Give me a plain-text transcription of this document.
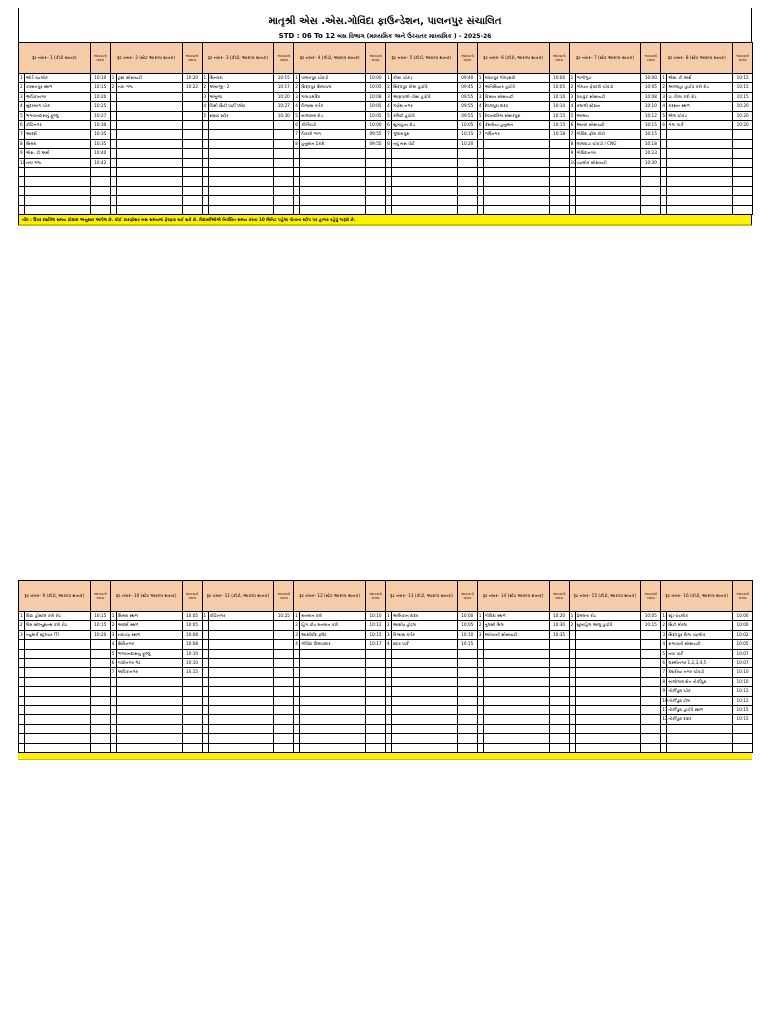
માતૃશ્રી એસ .એસ.ગોવિંદા ફાઉન્ડેશન, પાલનપુર સંચાલિત
STD : 06 To 12 બસ વિભાગ (માધ્યમિક અને ઉચ્ચતર માધ્યમિક ) – 2025-26
રૂટ નંબર– 1 (કીડી થાનક)		આવવાનો સમય	રૂટ નંબર– 2 (સ્ટેટ આરાધ્ધ થાનક)		આવવાનો સમય	રૂટ નંબર– 3 (કીડી, આરાધ્ધ થાનક)		આવવાનો સમય	રૂટ નંબર– 4 (કીડી, આરાધ્ધ થાનક)		આવવાનો સમય	રૂટ નંબર– 5 (કીડી, આરાધ્ધ થાનક)		આવવાનો સમય	રૂટ નંબર– 6 (કીડી, આરાધ્ધ થાનક)		આવવાનો સમય	રૂટ નંબર– 7 (સ્ટેટ આરાધ્ધ થાનક)		આવવાનો સમય	રૂટ નંબર– 8 (સ્ટેટ આરાધ્ધ થાનક)		આવવાનો સમય
1	ઓર્ડ ચંદ્રલોક	10:10	1	ટ્રસ્ટ સોસાયટી	10:20	1	સિનધરા	10:15	1	પાલનપુર ચોકડી	10:00	1	કોબા ચોકડ	09:40	1	મધનપુર ગોલ્ડ્સવી	10:00	1	ભાગીગુડા	10:00	1	એસ. ટી.અર્થ	10:15
2	કરસનપુર સ્થળ	10:15	2	નવા ગંજ	10:22	2	અંબાજી– 2	10:17	2	સિદ્ધપુર સિમાચલ	10:05	2	સિદ્ધપુર કોમા હાઈવે	09:45	2	અતિથિયાર હાઈવે	10:05	2	ગોલ્ડન ફેક્ટરી ચોકડી	10:05	2	અલ્લાહા હાઈવ કરી રોડ	10:15
3	અધિકાનગર	10:20				3	અંબુજા	10:20	3	ગામડામંદિર	10:08	3	આમ્રપાલી–ડીસા હાઈવે	09:55	3	કિસાન સોસાયટી	10:10	3	પંચકુટ સોસાયટી	10:08	3	ડા. વિલા કરી રોડ	10:15
4	સુંદરબાગ ચોક	10:25				4	વિસી સિટી પાર્ટી પ્લોટ	10:27	4	વિશ્વાસ કર્તક	10:05	4	ગણેશ નગર	09:55	4	દેવલપુરા દાદર	10:10	4	કમાલી સ્ટેશન	10:10	4	કરસન સ્થળ	10:20
5	ભગવાનદાસનું ફૂલ્લું	10:27				5	સમ્રાટ સ્ટોર	10:30	5	બાલારામ રોડ	10:05	5	કમિટી હાઈવે	09:55	5	દેવાનંદરિજ સંસારપુરા	10:15	5	આશ્રય	10:12	5	એલ ચોકડ	10:20
6	કોટિનગર	10:30							6	કીર્તિવાડી	10:00	6	સુખાહાન રોડ	10:05	6	કેશરીયા હનુમાન	10:15	6	આનંદ સોસાયટી	10:15	6	ગંગા પાર્ક	10:20
7	આદર્શ	10:35							7	પિકારી ભાગ	09:55	7	ગુલાબપુરા	10:15	7	ગર્વિનગર	10:18	7	ગોવિંદા ફ્રીમ કોટી	10:15			
8	સિમરા	10:35							8	હનુમાન ટેકરી	09:55	8	નવું બસ પોર્ટ	10:20				8	લાલવાડા ચોકડી / CNG	10:18			
9	એસ. ટી.અર્થ	10:40																9	ગોવિંદાનગર	10:23			
10	નવા ગંજ	10:42																10	ચંદ્રલોક સોસાયટી	10:30			

નોંધ : ઉપર દર્શાવેલ સમય પ્રોગ્રામ અનુસાર આપેલ છે. કોઈ કારણોસર બસ સમયમાં ફેરફાર થઈ શકે છે. વિદ્યાર્થીઓએ નિર્ધારિત સમય કરતા 10 મિનિટ પહેલા પોતાના સ્ટોપ પર હાજર રહેવું જરૂરી છે.
રૂટ નંબર– 9 (કીડી, આરાધ્ધ થાનક)		આવવાનો સમય	રૂટ નંબર– 10 (સ્ટેટ આરાધ્ધ થાનક)		આવવાનો સમય	રૂટ નંબર– 11 (કીડી, આરાધ્ધ થાનક)		આવવાનો સમય	રૂટ નંબર– 12 (સ્ટેટ આરાધ્ધ થાનક)		આવવાનો સમય	રૂટ નંબર– 13 (કીડી, આરાધ્ધ થાનક)		આવવાનો સમય	રૂટ નંબર– 14 (સ્ટેટ આરાધ્ધ થાનક)		આવવાનો સમય	રૂટ નંબર– 15 (કીડી, આરાધ્ધ થાનક)		આવવાનો સમય	રૂટ નંબર– 16 (કીડી, આરાધ્ધ થાનક)		આવવાનો સમય
1	વિદ્યા હોસ્ટલ કરી રોડ	10:15	1	સિમરા સ્થળ	10:05	1	કોટિનગર	10:25	1	મનમાન કરી	10:10	1	અંબિકાન દાદર	10:00	1	ગોવિંદા સ્થળ	10:20	1	પ્રેમલતા રોડ	10:05	1	સ્ટ્રા ચંદ્રલોક	10:00
2	વિમ સોલ્યુશન્સ કરી રોડ	10:15	2	આદર્શ સ્થળ	10:05				2	હિંગ કોષ મનમાન કરી	10:12	2	આશીષ હોટલ	10:05	2	તુલસી મિલ	10:30	2	સુખાહિલ આલુ હાઈવે	10:15	2	સિટી મોરલ	10:00
3	ન્યુમાર્ક સ્ટ્રક્ચર ITI	10:20	3	નવાચંદ્ર સ્થળ	10:08				3	આશીર્વાદ ફ્લેટ	10:15	3	વિશ્વાસ કર્તક	10:10	3	અવંતાની સોસાયટી	10:35				3	સિદ્ધપુર વિજ ચંદ્રલોક	10:02
			4	સિવિનગર	10:08				4	ગોવિંદા વિલાવાદાર	10:17	4	સ્ટાર પાર્ક	10:15							4	રાજધાની સોસાયટી	10:05
			5	ભગવાનદાસનું ફૂલ્લું	10:10																5	નવા પાર્ક	10:07
			6	ગાંધીનગર ગેટ	10:10																6	લક્ષ્મીનગર 1,2,3,4,5	10:07
			7	અધિકાનગર	10:15																7	કેશરીયા નગર ચોકડી	10:10
																					8	બાલીગામ શેત તોર્કીપુરા	10:10
																					9	તોર્કીપુરા ચોક	10:12
																					10	તોર્કીપુરા ટોલ	10:12
																					11	તોર્કીપુરા હાઈવે સ્થળ	10:15
																					12	તોર્કીપુરા દાદર	10:15
